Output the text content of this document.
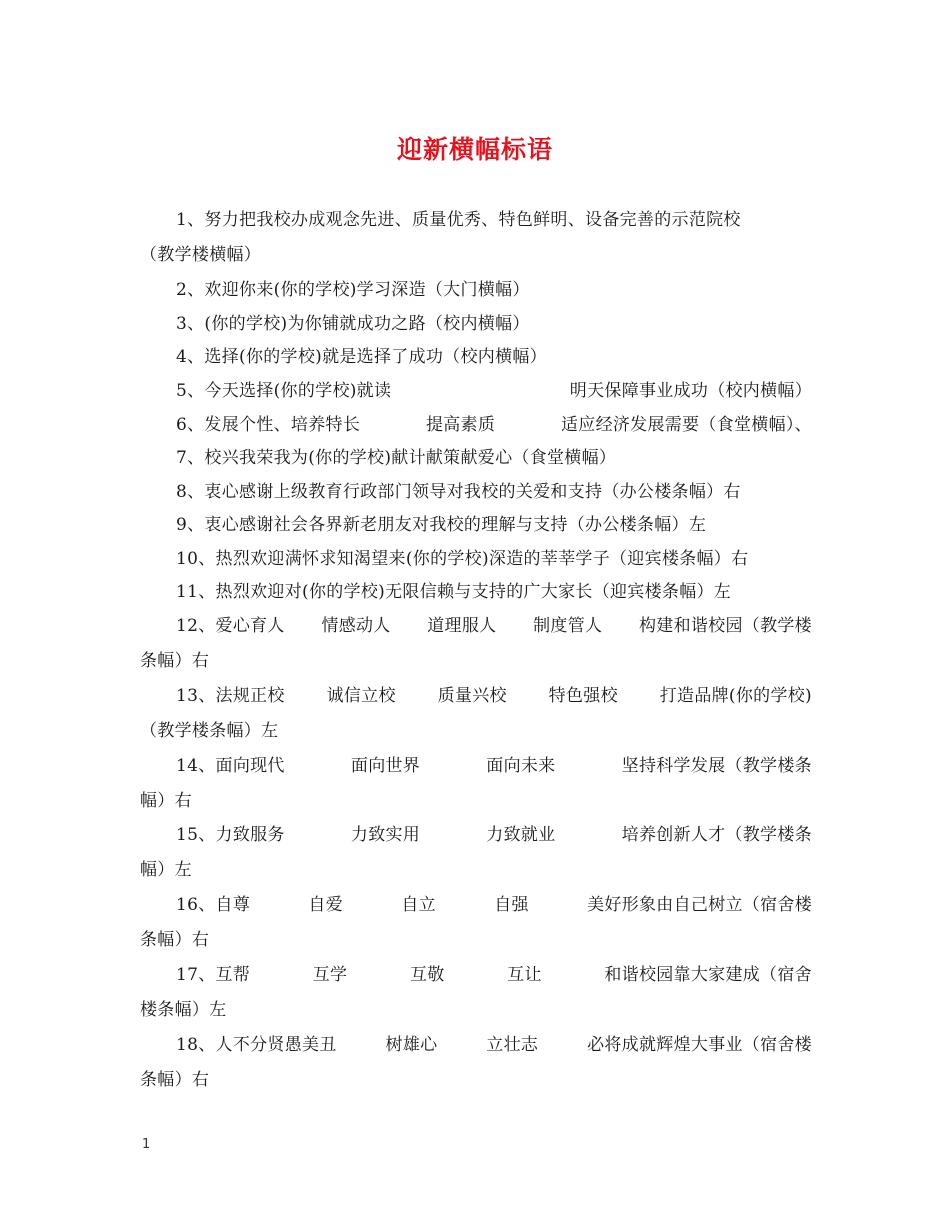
迎新横幅标语
1、努力把我校办成观念先进、质量优秀、特色鲜明、设备完善的示范院校
（教学楼横幅）
2、欢迎你来(你的学校)学习深造（大门横幅）
3、(你的学校)为你铺就成功之路（校内横幅）
4、选择(你的学校)就是选择了成功（校内横幅）
5、今天选择(你的学校)就读	明天保障事业成功（校内横幅）
6、发展个性、培养特长	提高素质	适应经济发展需要（食堂横幅）、
7、校兴我荣我为(你的学校)献计献策献爱心（食堂横幅）
8、衷心感谢上级教育行政部门领导对我校的关爱和支持（办公楼条幅）右
9、衷心感谢社会各界新老朋友对我校的理解与支持（办公楼条幅）左
10、热烈欢迎满怀求知渴望来(你的学校)深造的莘莘学子（迎宾楼条幅）右
11、热烈欢迎对(你的学校)无限信赖与支持的广大家长（迎宾楼条幅）左
12、爱心育人 情感动人 道理服人 制度管人 构建和谐校园（教学楼
条幅）右
13、法规正校 诚信立校 质量兴校 特色强校 打造品牌(你的学校)
（教学楼条幅）左
14、面向现代	面向世界	面向未来	坚持科学发展（教学楼条
幅）右
15、力致服务	力致实用	力致就业	培养创新人才（教学楼条
幅）左
16、自尊	自爱	自立	自强	美好形象由自己树立（宿舍楼
条幅）右
17、互帮	互学	互敬	互让	和谐校园靠大家建成（宿舍
楼条幅）左
18、人不分贤愚美丑	树雄心	立壮志	必将成就辉煌大事业（宿舍楼
条幅）右
1
